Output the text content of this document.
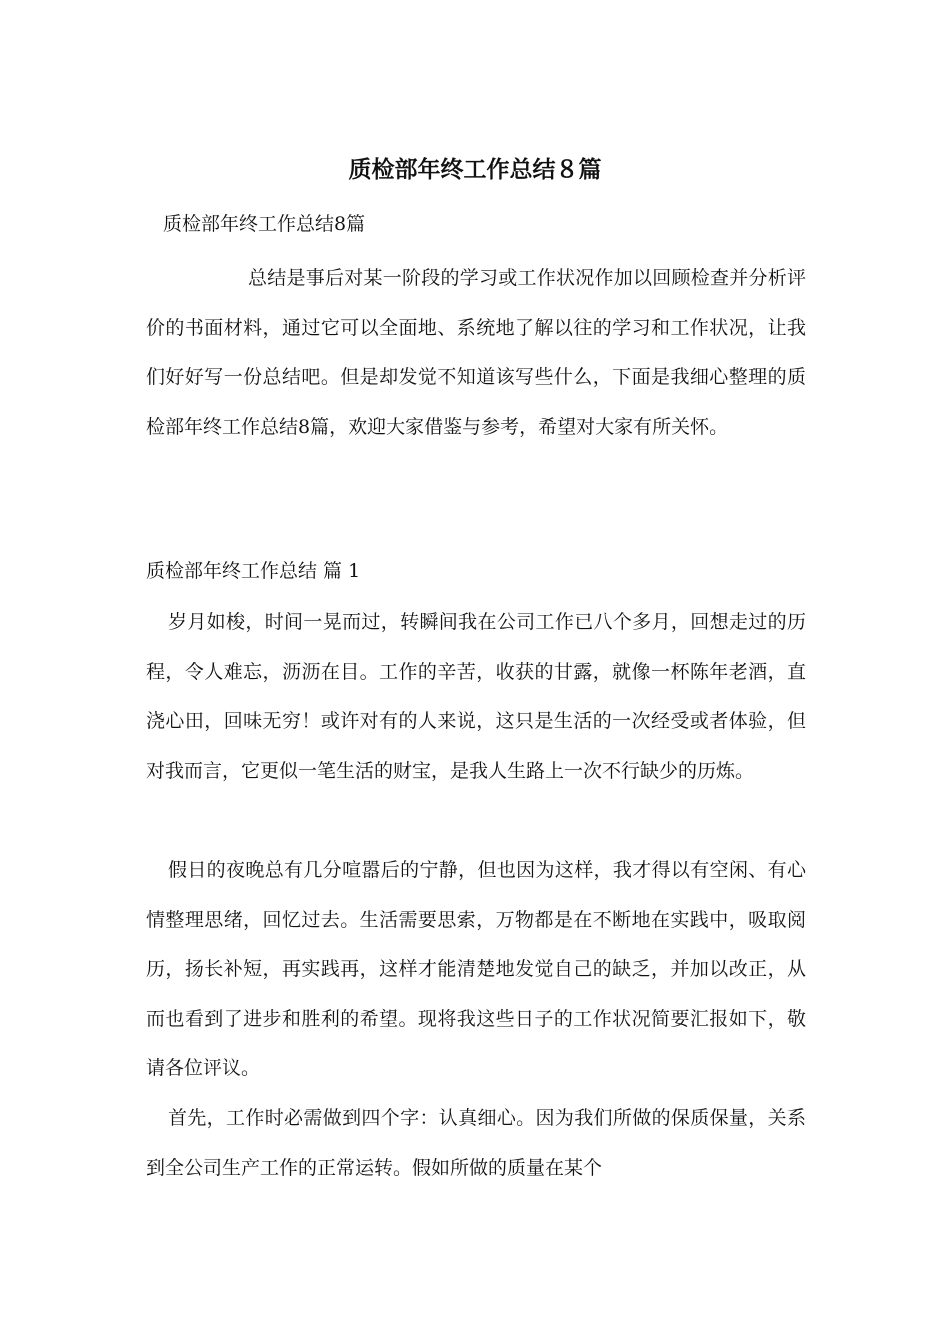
质检部年终工作总结８篇

质检部年终工作总结8篇

总结是事后对某一阶段的学习或工作状况作加以回顾检查并分析评价的书面材料，通过它可以全面地、系统地了解以往的学习和工作状况，让我们好好写一份总结吧。但是却发觉不知道该写些什么，下面是我细心整理的质检部年终工作总结8篇，欢迎大家借鉴与参考，希望对大家有所关怀。

质检部年终工作总结 篇 1

岁月如梭，时间一晃而过，转瞬间我在公司工作已八个多月，回想走过的历程，令人难忘，沥沥在目。工作的辛苦，收获的甘露，就像一杯陈年老酒，直浇心田，回味无穷！或许对有的人来说，这只是生活的一次经受或者体验，但对我而言，它更似一笔生活的财宝，是我人生路上一次不行缺少的历炼。

假日的夜晚总有几分喧嚣后的宁静，但也因为这样，我才得以有空闲、有心情整理思绪，回忆过去。生活需要思索，万物都是在不断地在实践中，吸取阅历，扬长补短，再实践再，这样才能清楚地发觉自己的缺乏，并加以改正，从而也看到了进步和胜利的希望。现将我这些日子的工作状况简要汇报如下，敬请各位评议。

首先，工作时必需做到四个字：认真细心。因为我们所做的保质保量，关系到全公司生产工作的正常运转。假如所做的质量在某个
